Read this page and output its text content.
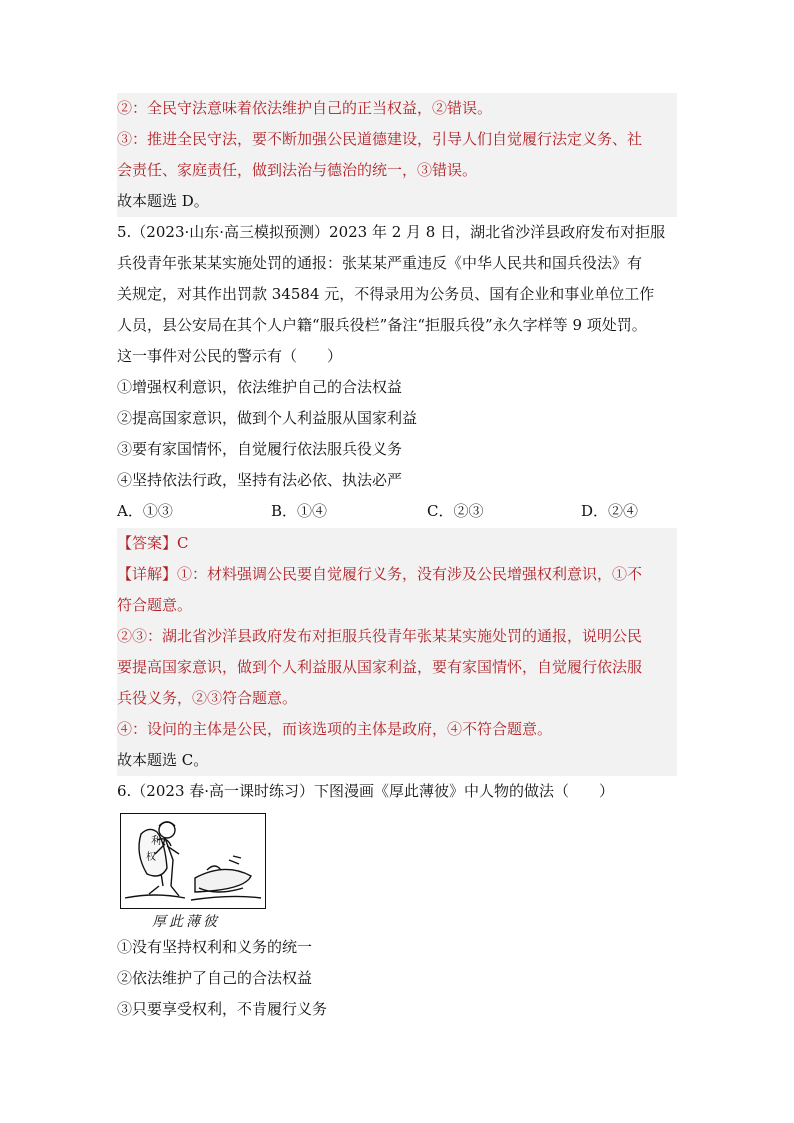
②：全民守法意味着依法维护自己的正当权益，②错误。
③：推进全民守法，要不断加强公民道德建设，引导人们自觉履行法定义务、社
会责任、家庭责任，做到法治与德治的统一，③错误。
故本题选 D。
5.（2023·山东·高三模拟预测）2023 年 2 月 8 日，湖北省沙洋县政府发布对拒服
兵役青年张某某实施处罚的通报：张某某严重违反《中华人民共和国兵役法》有
关规定，对其作出罚款 34584 元，不得录用为公务员、国有企业和事业单位工作
人员，县公安局在其个人户籍“服兵役栏”备注“拒服兵役”永久字样等 9 项处罚。
这一事件对公民的警示有（　　）
①增强权利意识，依法维护自己的合法权益
②提高国家意识，做到个人利益服从国家利益
③要有家国情怀，自觉履行依法服兵役义务
④坚持依法行政，坚持有法必依、执法必严
A．①③	B．①④	C．②③	D．②④
【答案】C
【详解】①：材料强调公民要自觉履行义务，没有涉及公民增强权利意识，①不
符合题意。
②③：湖北省沙洋县政府发布对拒服兵役青年张某某实施处罚的通报，说明公民
要提高国家意识，做到个人利益服从国家利益，要有家国情怀，自觉履行依法服
兵役义务，②③符合题意。
④：设问的主体是公民，而该选项的主体是政府，④不符合题意。
故本题选 C。
6.（2023 春·高一课时练习）下图漫画《厚此薄彼》中人物的做法（　　）
权
利
厚此薄彼
①没有坚持权利和义务的统一
②依法维护了自己的合法权益
③只要享受权利，不肯履行义务
